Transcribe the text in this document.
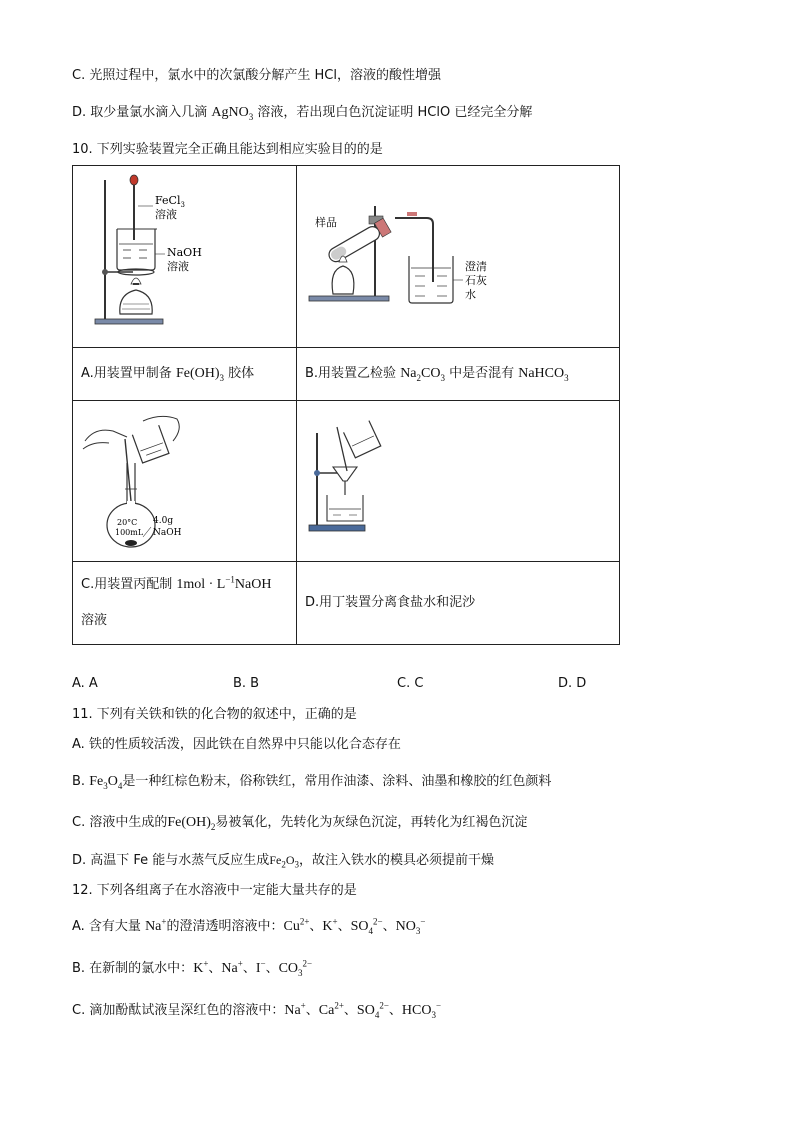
C. 光照过程中，氯水中的次氯酸分解产生 HCl，溶液的酸性增强
D. 取少量氯水滴入几滴 AgNO$_3$ 溶液，若出现白色沉淀证明 HClO 已经完全分解
10. 下列实验装置完全正确且能达到相应实验目的的是
FeCl$_3$
溶液
NaOH
溶液	样品
澄清
石灰
水

A.用装置甲制备 $Fe(OH)_3$ 胶体	B.用装置乙检验 $Na_2CO_3$ 中是否混有 NaHCO$_3$

20°C
100mL
4.0g
NaOH

C.用装置丙配制 $1mol \cdot L^{-1}NaOH$
溶液	D.用丁装置分离食盐水和泥沙
A. A	B. B	C. C	D. D
11. 下列有关铁和铁的化合物的叙述中，正确的是
A. 铁的性质较活泼，因此铁在自然界中只能以化合态存在
B. $Fe_3O_4$是一种红棕色粉末，俗称铁红，常用作油漆、涂料、油墨和橡胶的红色颜料
C. 溶液中生成的$Fe(OH)_2$易被氧化，先转化为灰绿色沉淀，再转化为红褐色沉淀
D. 高温下 Fe 能与水蒸气反应生成$Fe_2O_3$，故注入铁水的模具必须提前干燥
12. 下列各组离子在水溶液中一定能大量共存的是
A. 含有大量 Na+的澄清透明溶液中：$Cu^{2+}$、K+、$SO_4^{2-}$、$NO_3^-$
B. 在新制的氯水中：K+、Na+、I−、$CO_3^{2-}$
C. 滴加酚酞试液呈深红色的溶液中：Na+、$Ca^{2+}$、$SO_4^{2-}$、$HCO_3^-$
